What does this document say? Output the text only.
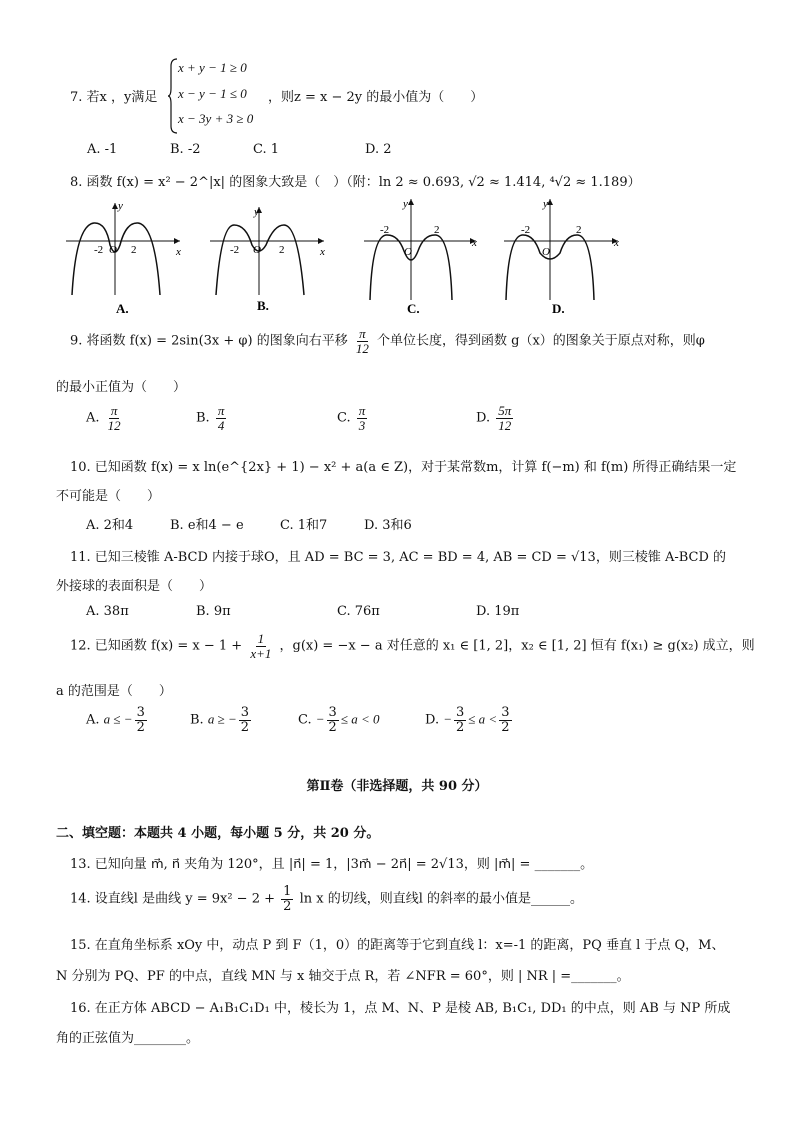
7. 若x ，y满足
x + y − 1 ≥ 0
x − y − 1 ≤ 0
x − 3y + 3 ≥ 0
，则z = x − 2y 的最小值为（　　）
A. -1	B. -2	C. 1	D. 2
8. 函数 f(x) = x² − 2^|x| 的图象大致是（　）（附：ln 2 ≈ 0.693, √2 ≈ 1.414, ⁴√2 ≈ 1.189）
y
x
-2 O 2
A.
y
x
-2 O 2
B.
y
x
-2
O
2
C.
y
x
-2
O
2
D.
9. 将函数 f(x) = 2sin(3x + φ) 的图象向右平移 $\frac{\pi}{12}$ 个单位长度，得到函数 g（x）的图象关于原点对称，则φ
的最小正值为（　　）
A. $\frac{\pi}{12}$	B. $\frac{\pi}{4}$	C. $\frac{\pi}{3}$	D. $\frac{5\pi}{12}$
10. 已知函数 f(x) = x ln(e^{2x} + 1) − x² + a(a ∈ Z)，对于某常数m，计算 f(−m) 和 f(m) 所得正确结果一定
不可能是（　　）
A. 2和4	B. e和4 − e	C. 1和7	D. 3和6
11. 已知三棱锥 A-BCD 内接于球O，且 AD = BC = 3, AC = BD = 4, AB = CD = √13，则三棱锥 A-BCD 的
外接球的表面积是（　　）
A. 38π	B. 9π	C. 76π	D. 19π
12. 已知函数 $f(x) = x - 1 + \frac{1}{x+1}$ ，g(x) = −x − a 对任意的 x₁ ∈ [1, 2]，x₂ ∈ [1, 2] 恒有 f(x₁) ≥ g(x₂) 成立，则
a 的范围是（　　）
A. a ≤ − $\frac{3}{2}$	B. a ≥ − $\frac{3}{2}$	C. − $\frac{3}{2} \le a < 0$	D. − $\frac{3}{2} \le a < \frac{3}{2}$
第Ⅱ卷（非选择题，共 90 分）
二、填空题：本题共 4 小题，每小题 5 分，共 20 分。
13. 已知向量 m⃗, n⃗ 夹角为 120°，且 |n⃗| = 1，|3m⃗ − 2n⃗| = 2√13，则 |m⃗| = _______。
14. 设直线l 是曲线 $y = 9x^2 - 2 + \frac{1}{2}$ ln x 的切线，则直线l 的斜率的最小值是______。
15. 在直角坐标系 xOy 中，动点 P 到 F（1，0）的距离等于它到直线 l：x=-1 的距离，PQ 垂直 l 于点 Q，M、
N 分别为 PQ、PF 的中点，直线 MN 与 x 轴交于点 R，若 ∠NFR = 60°，则 | NR | =_______。
16. 在正方体 ABCD − A₁B₁C₁D₁ 中，棱长为 1，点 M、N、P 是棱 AB, B₁C₁, DD₁ 的中点，则 AB 与 NP 所成
角的正弦值为________。
